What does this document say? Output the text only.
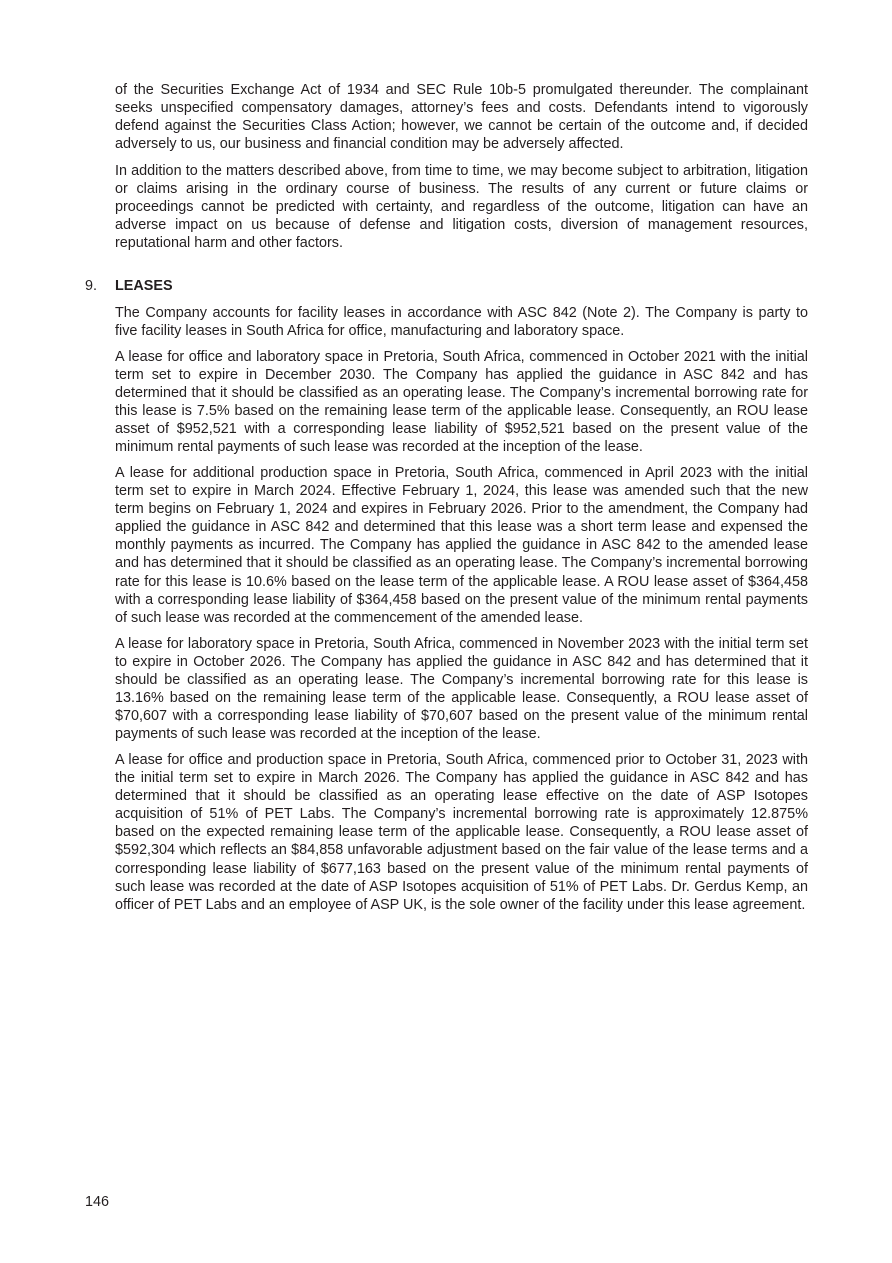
of the Securities Exchange Act of 1934 and SEC Rule 10b-5 promulgated thereunder. The complainant seeks unspecified compensatory damages, attorney’s fees and costs. Defendants intend to vigorously defend against the Securities Class Action; however, we cannot be certain of the outcome and, if decided adversely to us, our business and financial condition may be adversely affected.

In addition to the matters described above, from time to time, we may become subject to arbitration, litigation or claims arising in the ordinary course of business. The results of any current or future claims or proceedings cannot be predicted with certainty, and regardless of the outcome, litigation can have an adverse impact on us because of defense and litigation costs, diversion of management resources, reputational harm and other factors.

9. LEASES

The Company accounts for facility leases in accordance with ASC 842 (Note 2). The Company is party to five facility leases in South Africa for office, manufacturing and laboratory space.

A lease for office and laboratory space in Pretoria, South Africa, commenced in October 2021 with the initial term set to expire in December 2030. The Company has applied the guidance in ASC 842 and has determined that it should be classified as an operating lease. The Company’s incremental borrowing rate for this lease is 7.5% based on the remaining lease term of the applicable lease. Consequently, an ROU lease asset of $952,521 with a corresponding lease liability of $952,521 based on the present value of the minimum rental payments of such lease was recorded at the inception of the lease.

A lease for additional production space in Pretoria, South Africa, commenced in April 2023 with the initial term set to expire in March 2024. Effective February 1, 2024, this lease was amended such that the new term begins on February 1, 2024 and expires in February 2026. Prior to the amendment, the Company had applied the guidance in ASC 842 and determined that this lease was a short term lease and expensed the monthly payments as incurred. The Company has applied the guidance in ASC 842 to the amended lease and has determined that it should be classified as an operating lease. The Company’s incremental borrowing rate for this lease is 10.6% based on the lease term of the applicable lease. A ROU lease asset of $364,458 with a corresponding lease liability of $364,458 based on the present value of the minimum rental payments of such lease was recorded at the commencement of the amended lease.

A lease for laboratory space in Pretoria, South Africa, commenced in November 2023 with the initial term set to expire in October 2026. The Company has applied the guidance in ASC 842 and has determined that it should be classified as an operating lease. The Company’s incremental borrowing rate for this lease is 13.16% based on the remaining lease term of the applicable lease. Consequently, a ROU lease asset of $70,607 with a corresponding lease liability of $70,607 based on the present value of the minimum rental payments of such lease was recorded at the inception of the lease.

A lease for office and production space in Pretoria, South Africa, commenced prior to October 31, 2023 with the initial term set to expire in March 2026. The Company has applied the guidance in ASC 842 and has determined that it should be classified as an operating lease effective on the date of ASP Isotopes acquisition of 51% of PET Labs. The Company’s incremental borrowing rate is approximately 12.875% based on the expected remaining lease term of the applicable lease. Consequently, a ROU lease asset of $592,304 which reflects an $84,858 unfavorable adjustment based on the fair value of the lease terms and a corresponding lease liability of $677,163 based on the present value of the minimum rental payments of such lease was recorded at the date of ASP Isotopes acquisition of 51% of PET Labs. Dr. Gerdus Kemp, an officer of PET Labs and an employee of ASP UK, is the sole owner of the facility under this lease agreement.

146
